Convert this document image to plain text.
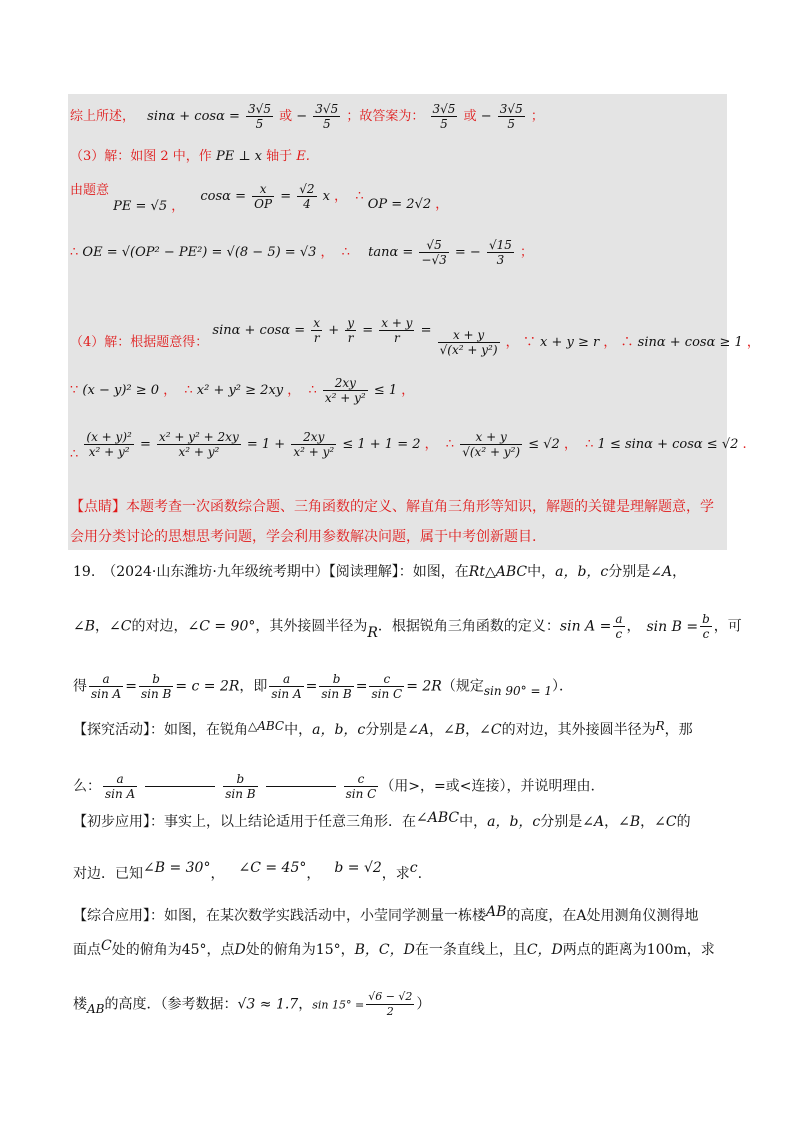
综上所述， $\sin\alpha + \cos\alpha = \frac{3√5}{5}$ 或 − $\frac{3√5}{5}$ ；故答案为： $\frac{3√5}{5}$ 或 − $\frac{3√5}{5}$ ；
（3）解：如图 2 中，作 PE ⊥ x 轴于 E.
由题意 PE = √5 ， $\cos\alpha = \frac{x}{OP} = \frac{√2}{4}$ x ， ∴ OP = 2√2 ，
∴ OE = √(OP² − PE²) = √(8 − 5) = √3 ， ∴ $\tan\alpha = \frac{√5}{-√3}$ = − $\frac{√15}{3}$ ；
（4）解：根据题意得： $\sin\alpha + \cos\alpha = \frac{x}{r} + \frac{y}{r} = \frac{x + y}{r} = \frac{x + y}{\text{√(x² + y²)}}$ ， ∵ x + y ≥ r ， ∴ sinα + cosα ≥ 1 ，
∵ (x − y)² ≥ 0 ， ∴ x² + y² ≥ 2xy ， ∴ $\frac{2xy}{\text{x² + y²}} \le 1$ ，
∴ $\frac{\text{(x + y)²}}{\text{x² + y²}} = \frac{\text{x² + y² + 2xy}}{\text{x² + y²}} = 1 + \frac{2xy}{\text{x² + y²}} \le 1 + 1 = 2$ ， ∴ $\frac{x + y}{\text{√(x² + y²)}} \le √2$ ， ∴ 1 ≤ sinα + cosα ≤ √2 .
【点睛】本题考查一次函数综合题、三角函数的定义、解直角三角形等知识，解题的关键是理解题意，学
会用分类讨论的思想思考问题，学会利用参数解决问题，属于中考创新题目.
19.　（2024·山东潍坊·九年级统考期中）【阅读理解】：如图，在Rt△ABC中，a，b，c分别是∠A，
∠B，∠C的对边，∠C = 90°，其外接圆半径为R．根据锐角三角函数的定义：$\sin A = \frac{a}{c}$ ， $\sin B = \frac{b}{c}$ ，可
得 $\frac{a}{\text{sin A}} = \frac{b}{\text{sin B}} = c = 2R$，即 $\frac{a}{\text{sin A}} = \frac{b}{\text{sin B}} = \frac{c}{\text{sin C}} = 2R$（规定sin 90° = 1）．
【探究活动】：如图，在锐角△ABC中，a，b，c分别是∠A，∠B，∠C的对边，其外接圆半径为R，那
么： $\frac{a}{\text{sin A}}$	$\frac{b}{\text{sin B}}$	$\frac{c}{\text{sin C}}$ （用>，=或<连接），并说明理由.
【初步应用】：事实上，以上结论适用于任意三角形．在∠ABC中，a，b，c分别是∠A，∠B，∠C的
对边．已知∠B = 30°， ∠C = 45°， b = √2，求c.
【综合应用】：如图，在某次数学实践活动中，小莹同学测量一栋楼AB的高度，在A处用测角仪测得地
面点C处的俯角为45°，点D处的俯角为15°，B，C，D在一条直线上，且C，D两点的距离为100m，求
楼AB的高度．（参考数据：√3 ≈ 1.7，$\sin 15^\circ = \frac{√6 - √2}{2}$ ）
